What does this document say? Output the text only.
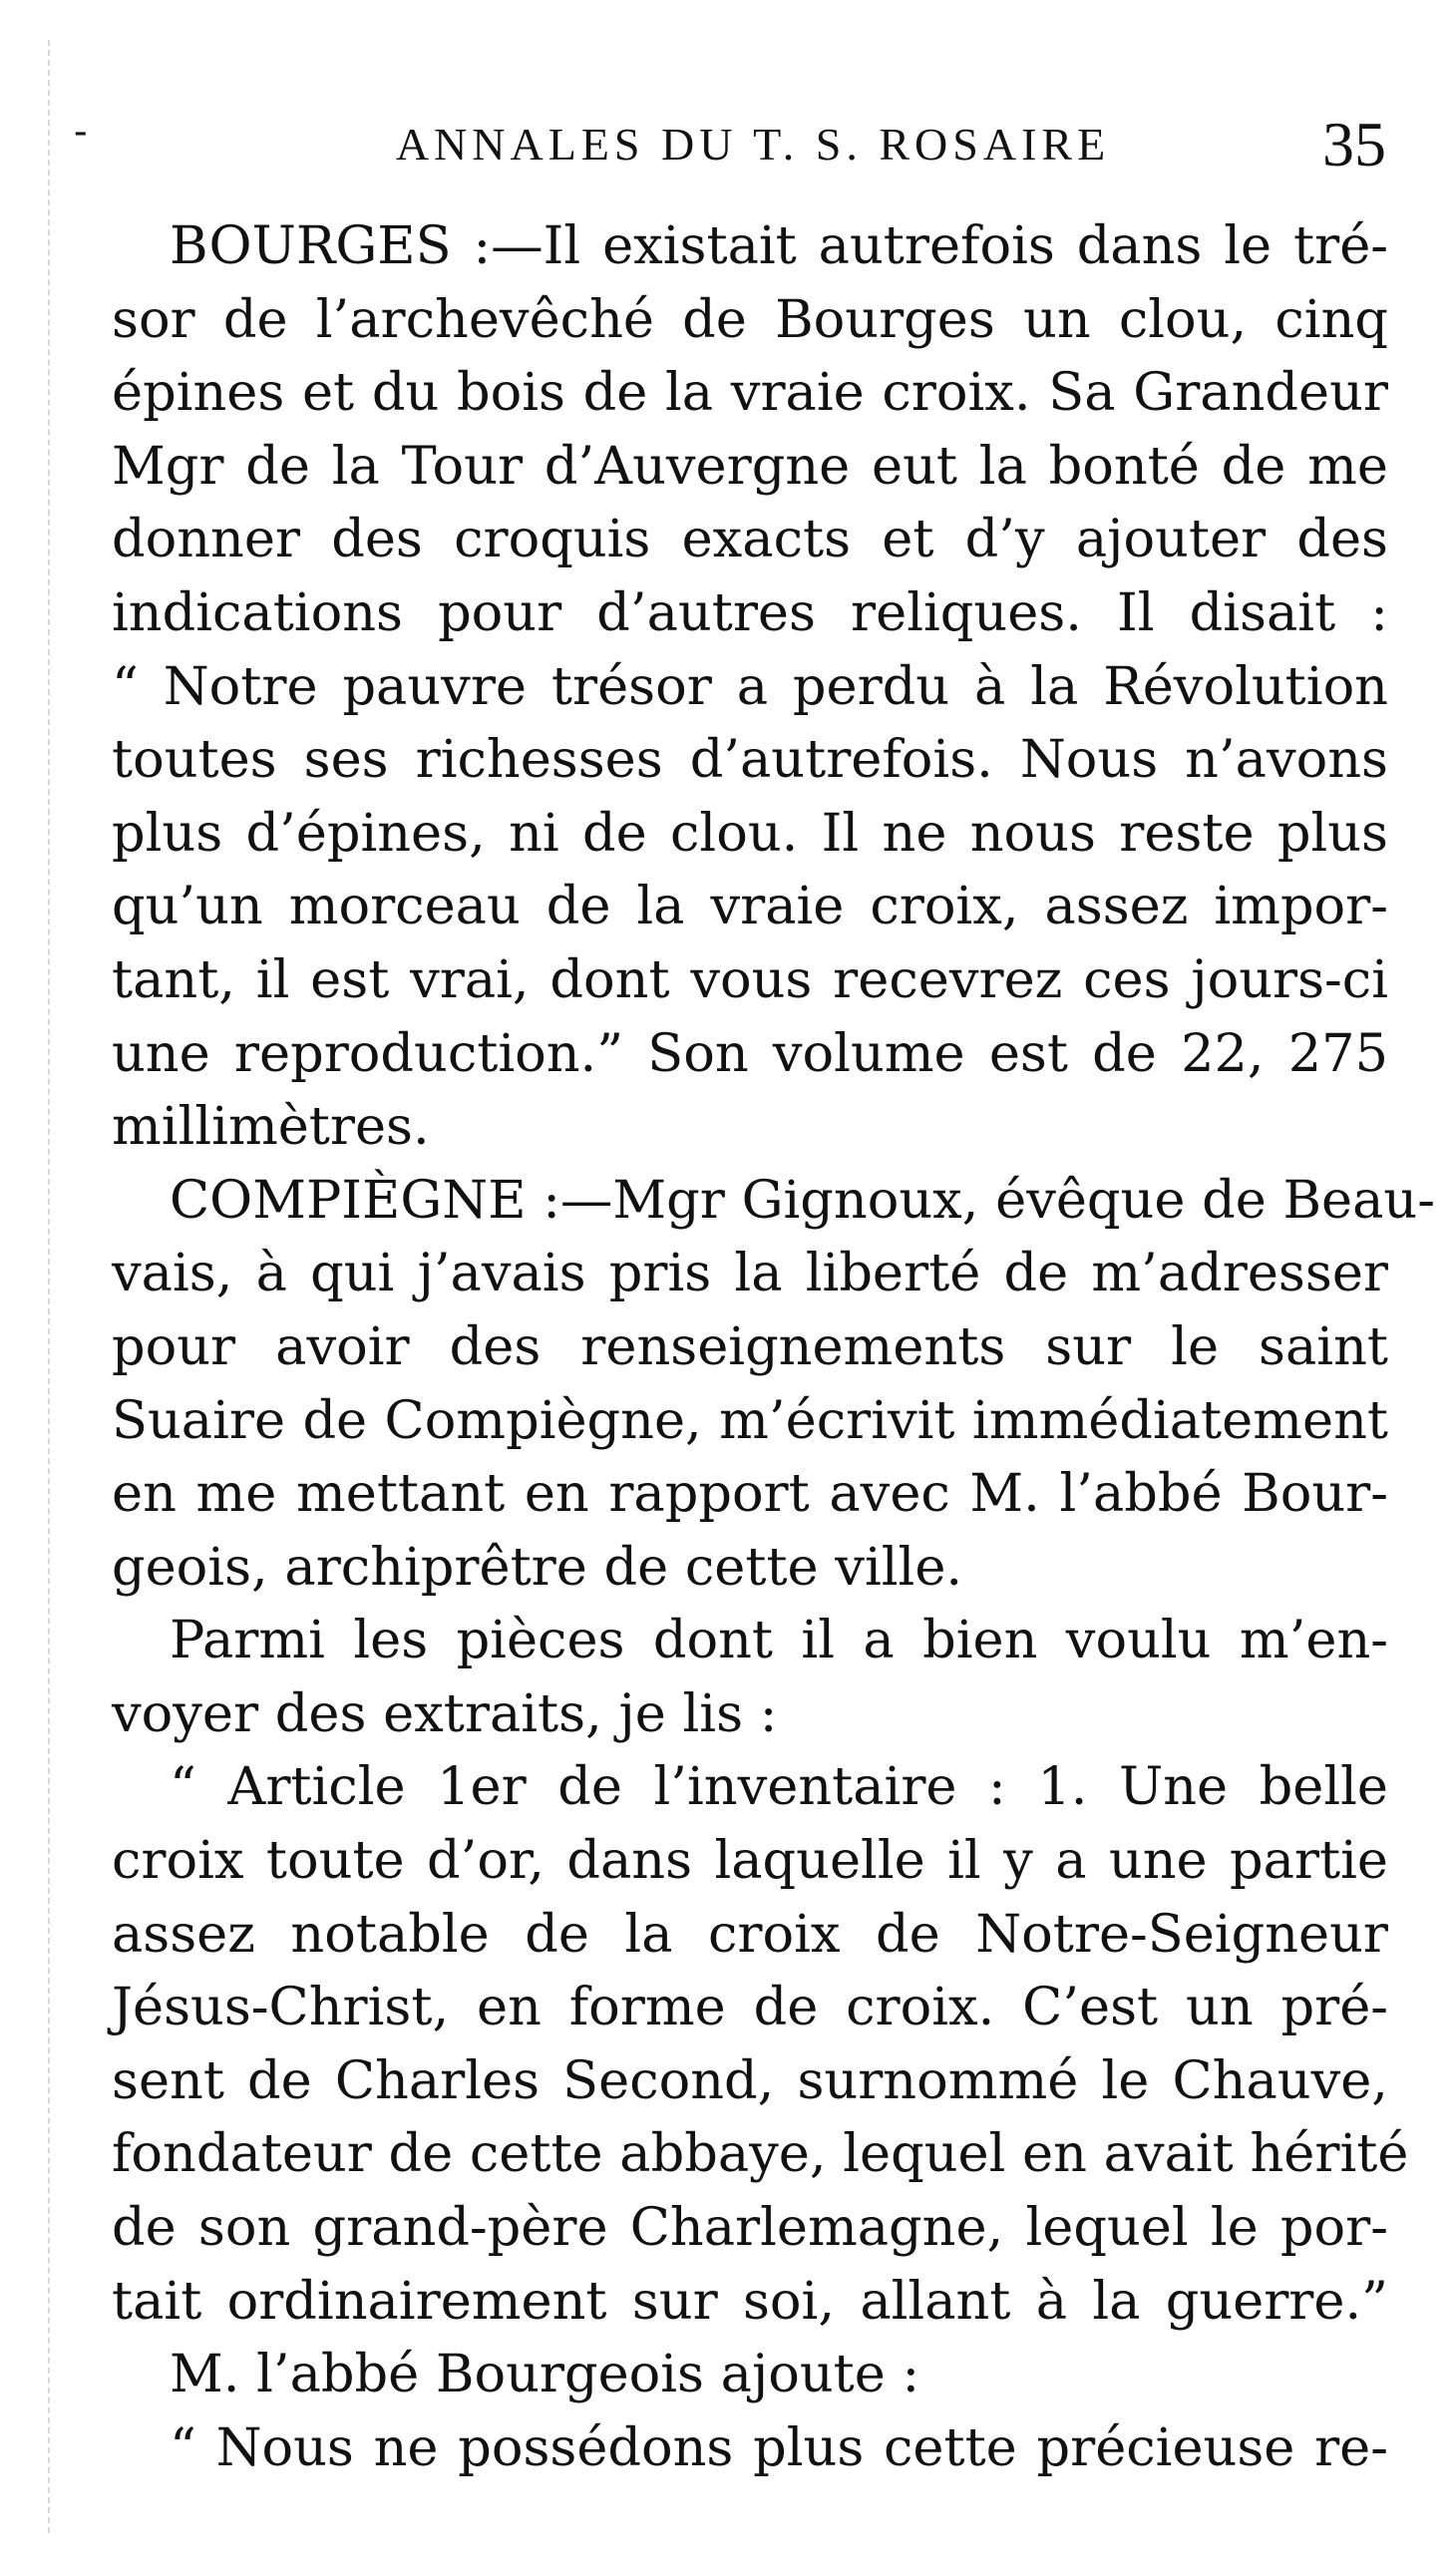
-	ANNALES DU T. S. ROSAIRE	35
BOURGES :—Il existait autrefois dans le tré-
sor de l’archevêché de Bourges un clou, cinq
épines et du bois de la vraie croix. Sa Grandeur
Mgr de la Tour d’Auvergne eut la bonté de me
donner des croquis exacts et d’y ajouter des
indications pour d’autres reliques. Il disait :
“ Notre pauvre trésor a perdu à la Révolution
toutes ses richesses d’autrefois. Nous n’avons
plus d’épines, ni de clou. Il ne nous reste plus
qu’un morceau de la vraie croix, assez impor-
tant, il est vrai, dont vous recevrez ces jours-ci
une reproduction.” Son volume est de 22, 275
millimètres.
COMPIÈGNE :—Mgr Gignoux, évêque de Beau-
vais, à qui j’avais pris la liberté de m’adresser
pour avoir des renseignements sur le saint
Suaire de Compiègne, m’écrivit immédiatement
en me mettant en rapport avec M. l’abbé Bour-
geois, archiprêtre de cette ville.
Parmi les pièces dont il a bien voulu m’en-
voyer des extraits, je lis :
“ Article 1er de l’inventaire : 1. Une belle
croix toute d’or, dans laquelle il y a une partie
assez notable de la croix de Notre-Seigneur
Jésus-Christ, en forme de croix. C’est un pré-
sent de Charles Second, surnommé le Chauve,
fondateur de cette abbaye, lequel en avait hérité
de son grand-père Charlemagne, lequel le por-
tait ordinairement sur soi, allant à la guerre.”
M. l’abbé Bourgeois ajoute :
“ Nous ne possédons plus cette précieuse re-
